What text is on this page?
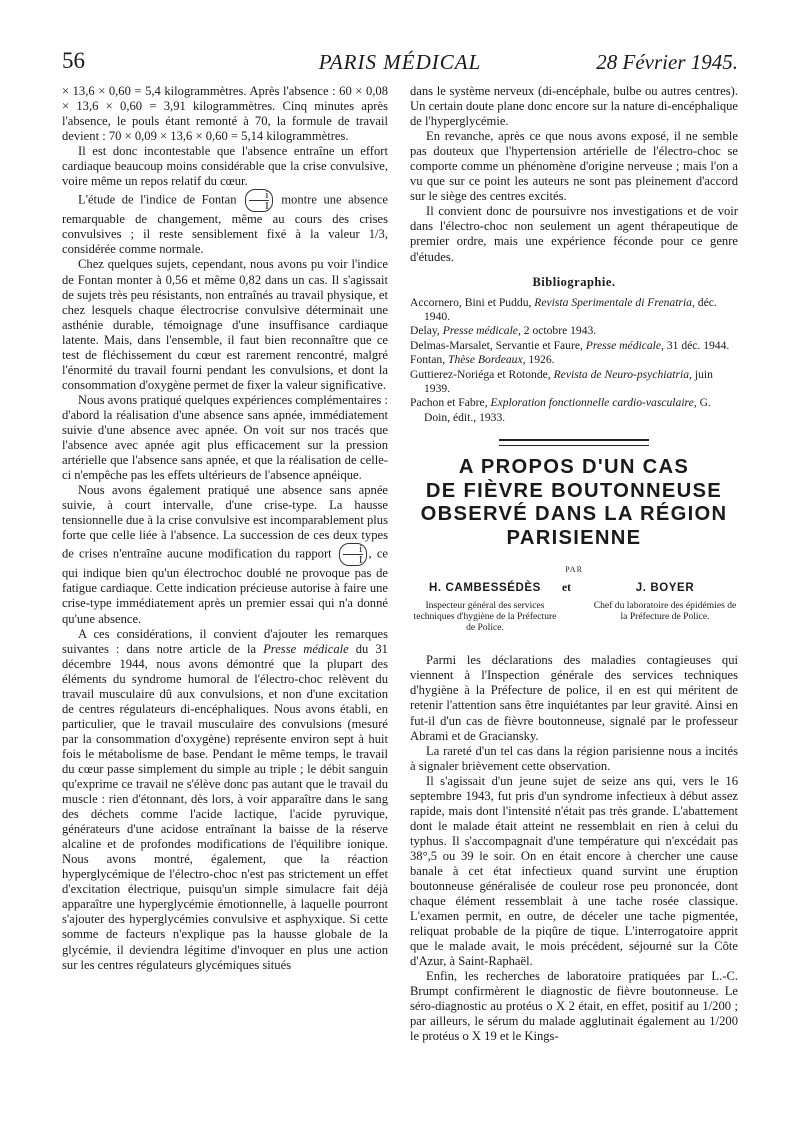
56	PARIS MÉDICAL	28 Février 1945.

× 13,6 × 0,60 = 5,4 kilogrammètres. Après l'absence : 60 × 0,08 × 13,6 × 0,60 = 3,91 kilogrammètres. Cinq minutes après l'absence, le pouls étant remonté à 70, la formule de travail devient : 70 × 0,09 × 13,6 × 0,60 = 5,14 kilogrammètres.

Il est donc incontestable que l'absence entraîne un effort cardiaque beaucoup moins considérable que la crise convulsive, voire même un repos relatif du cœur.

L'étude de l'indice de Fontan $\frac{i}{I}$ montre une absence remarquable de changement, même au cours des crises convulsives ; il reste sensiblement fixé à la valeur 1/3, considérée comme normale.

Chez quelques sujets, cependant, nous avons pu voir l'indice de Fontan monter à 0,56 et même 0,82 dans un cas. Il s'agissait de sujets très peu résistants, non entraînés au travail physique, et chez lesquels chaque électrocrise convulsive déterminait une asthénie durable, témoignage d'une insuffisance cardiaque latente. Mais, dans l'ensemble, il faut bien reconnaître que ce test de fléchissement du cœur est rarement rencontré, malgré l'énormité du travail fourni pendant les convulsions, et dont la consommation d'oxygène permet de fixer la valeur significative.

Nous avons pratiqué quelques expériences complémentaires : d'abord la réalisation d'une absence sans apnée, immédiatement suivie d'une absence avec apnée. On voit sur nos tracés que l'absence avec apnée agit plus efficacement sur la pression artérielle que l'absence sans apnée, et que la réalisation de celle-ci n'empêche pas les effets ultérieurs de l'absence apnéique.

Nous avons également pratiqué une absence sans apnée suivie, à court intervalle, d'une crise-type. La hausse tensionnelle due à la crise convulsive est incomparablement plus forte que celle liée à l'absence. La succession de ces deux types de crises n'entraîne aucune modification du rapport $\frac{i}{I}$ , ce qui indique bien qu'un électrochoc doublé ne provoque pas de fatigue cardiaque. Cette indication précieuse autorise à faire une crise-type immédiatement après un premier essai qui n'a donné qu'une absence.

A ces considérations, il convient d'ajouter les remarques suivantes : dans notre article de la Presse médicale du 31 décembre 1944, nous avons démontré que la plupart des éléments du syndrome humoral de l'électro-choc relèvent du travail musculaire dû aux convulsions, et non d'une excitation de centres régulateurs di-encéphaliques. Nous avons établi, en particulier, que le travail musculaire des convulsions (mesuré par la consommation d'oxygène) représente environ sept à huit fois le métabolisme de base. Pendant le même temps, le travail du cœur passe simplement du simple au triple ; le débit sanguin qu'exprime ce travail ne s'élève donc pas autant que le travail du muscle : rien d'étonnant, dès lors, à voir apparaître dans le sang des déchets comme l'acide lactique, l'acide pyruvique, générateurs d'une acidose entraînant la baisse de la réserve alcaline et de profondes modifications de l'équilibre ionique. Nous avons montré, également, que la réaction hyperglycémique de l'électro-choc n'est pas strictement un effet d'excitation électrique, puisqu'un simple simulacre fait déjà apparaître une hyperglycémie émotionnelle, à laquelle pourront s'ajouter des hyperglycémies convulsive et asphyxique. Si cette somme de facteurs n'explique pas la hausse globale de la glycémie, il deviendra légitime d'invoquer en plus une action sur les centres régulateurs glycémiques situés

dans le système nerveux (di-encéphale, bulbe ou autres centres). Un certain doute plane donc encore sur la nature di-encéphalique de l'hyperglycémie.

En revanche, après ce que nous avons exposé, il ne semble pas douteux que l'hypertension artérielle de l'électro-choc se comporte comme un phénomène d'origine nerveuse ; mais l'on a vu que sur ce point les auteurs ne sont pas pleinement d'accord sur le siège des centres excités.

Il convient donc de poursuivre nos investigations et de voir dans l'électro-choc non seulement un agent thérapeutique de premier ordre, mais une expérience féconde pour ce genre d'études.

Bibliographie.

Accornero, Bini et Puddu, Revista Sperimentale di Frenatria, déc. 1940.

Delay, Presse médicale, 2 octobre 1943.

Delmas-Marsalet, Servantie et Faure, Presse médicale, 31 déc. 1944.

Fontan, Thèse Bordeaux, 1926.

Guttierez-Noriéga et Rotonde, Revista de Neuro-psychiatria, juin 1939.

Pachon et Fabre, Exploration fonctionnelle cardio-vasculaire, G. Doin, édit., 1933.

A PROPOS D'UN CAS
DE FIÈVRE BOUTONNEUSE
OBSERVÉ DANS LA RÉGION
PARISIENNE
PAR
H. CAMBESSÉDÈS
Inspecteur général des services techniques d'hygiène de la Préfecture de Police.
et	J. BOYER
Chef du laboratoire des épidémies de la Préfecture de Police.

Parmi les déclarations des maladies contagieuses qui viennent à l'Inspection générale des services techniques d'hygiène à la Préfecture de police, il en est qui méritent de retenir l'attention sans être inquiétantes par leur gravité. Ainsi en fut-il d'un cas de fièvre boutonneuse, signalé par le professeur Abrami et de Graciansky.

La rareté d'un tel cas dans la région parisienne nous a incités à signaler brièvement cette observation.

Il s'agissait d'un jeune sujet de seize ans qui, vers le 16 septembre 1943, fut pris d'un syndrome infectieux à début assez rapide, mais dont l'intensité n'était pas très grande. L'abattement dont le malade était atteint ne ressemblait en rien à celui du typhus. Il s'accompagnait d'une température qui n'excédait pas 38°,5 ou 39 le soir. On en était encore à chercher une cause banale à cet état infectieux quand survint une éruption boutonneuse généralisée de couleur rose peu prononcée, dont chaque élément ressemblait à une tache rosée classique. L'examen permit, en outre, de déceler une tache pigmentée, reliquat probable de la piqûre de tique. L'interrogatoire apprit que le malade avait, le mois précédent, séjourné sur la Côte d'Azur, à Saint-Raphaël.

Enfin, les recherches de laboratoire pratiquées par L.-C. Brumpt confirmèrent le diagnostic de fièvre boutonneuse. Le séro-diagnostic au protéus o X 2 était, en effet, positif au 1/200 ; par ailleurs, le sérum du malade agglutinait également au 1/200 le protéus o X 19 et le Kings-
